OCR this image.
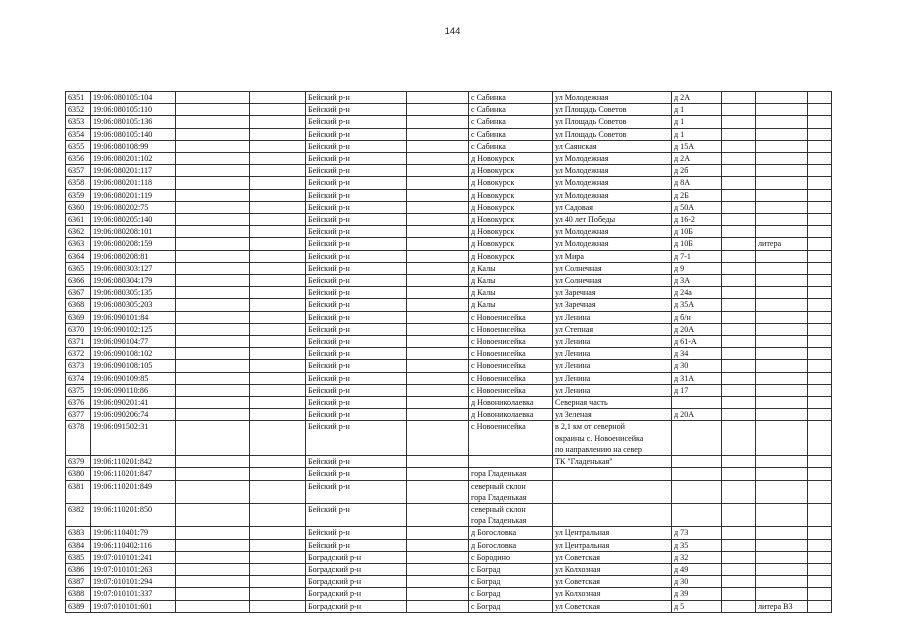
144
6351	19:06:080105:104			Бейский р-н		с Сабинка	ул Молодежная	д 2А			
6352	19:06:080105:110			Бейский р-н		с Сабинка	ул Площадь Советов	д 1			
6353	19:06:080105:136			Бейский р-н		с Сабинка	ул Площадь Советов	д 1			
6354	19:06:080105:140			Бейский р-н		с Сабинка	ул Площадь Советов	д 1			
6355	19:06:080108:99			Бейский р-н		с Сабинка	ул Саянская	д 15А			
6356	19:06:080201:102			Бейский р-н		д Новокурск	ул Молодежная	д 2А			
6357	19:06:080201:117			Бейский р-н		д Новокурск	ул Молодежная	д 2б			
6358	19:06:080201:118			Бейский р-н		д Новокурск	ул Молодежная	д 8А			
6359	19:06:080201:119			Бейский р-н		д Новокурск	ул Молодежная	д 2Б			
6360	19:06:080202:75			Бейский р-н		д Новокурск	ул Садовая	д 50А			
6361	19:06:080205:140			Бейский р-н		д Новокурск	ул 40 лет Победы	д 16-2			
6362	19:06:080208:101			Бейский р-н		д Новокурск	ул Молодежная	д 10Б			
6363	19:06:080208:159			Бейский р-н		д Новокурск	ул Молодежная	д 10Б		литера	
6364	19:06:080208:81			Бейский р-н		д Новокурск	ул Мира	д 7-1			
6365	19:06:080303:127			Бейский р-н		д Калы	ул Солнечная	д 9			
6366	19:06:080304:179			Бейский р-н		д Калы	ул Солнечная	д 3А			
6367	19:06:080305:135			Бейский р-н		д Калы	ул Заречная	д 24а			
6368	19:06:080305:203			Бейский р-н		д Калы	ул Заречная	д 35А			
6369	19:06:090101:84			Бейский р-н		с Новоенисейка	ул Ленина	д б/н			
6370	19:06:090102:125			Бейский р-н		с Новоенисейка	ул Степная	д 20А			
6371	19:06:090104:77			Бейский р-н		с Новоенисейка	ул Ленина	д 61-А			
6372	19:06:090108:102			Бейский р-н		с Новоенисейка	ул Ленина	д 34			
6373	19:06:090108:105			Бейский р-н		с Новоенисейка	ул Ленина	д 30			
6374	19:06:090109:85			Бейский р-н		с Новоенисейка	ул Ленина	д 31А			
6375	19:06:090110:86			Бейский р-н		с Новоенисейка	ул Ленина	д 17			
6376	19:06:090201:41			Бейский р-н		д Новониколаевка	Северная часть				
6377	19:06:090206:74			Бейский р-н		д Новониколаевка	ул Зеленая	д 20А			
6378	19:06:091502:31			Бейский р-н		с Новоенисейка	в 2,1 км от северной
окраины с. Новоенисейка
по направлению на север				
6379	19:06:110201:842			Бейский р-н			ТК "Гладенькая"				
6380	19:06:110201:847			Бейский р-н		гора Гладенькая					
6381	19:06:110201:849			Бейский р-н		северный склон
гора Гладенькая					
6382	19:06:110201:850			Бейский р-н		северный склон
гора Гладенькая					
6383	19:06:110401:79			Бейский р-н		д Богословка	ул Центральная	д 73			
6384	19:06:110402:116			Бейский р-н		д Богословка	ул Центральная	д 35			
6385	19:07:010101:241			Боградский р-н		с Бородино	ул Советская	д 32			
6386	19:07:010101:263			Боградский р-н		с Боград	ул Колхозная	д 49			
6387	19:07:010101:294			Боградский р-н		с Боград	ул Советская	д 30			
6388	19:07:010101:337			Боградский р-н		с Боград	ул Колхозная	д 39			
6389	19:07:010101:601			Боградский р-н		с Боград	ул Советская	д 5		литера В3	
